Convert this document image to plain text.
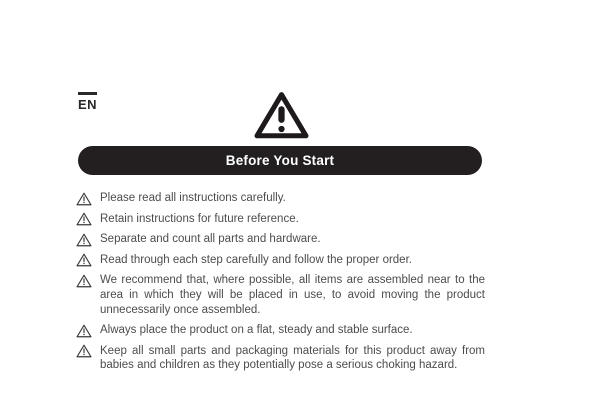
EN
Before You Start
Please read all instructions carefully.
Retain instructions for future reference.
Separate and count all parts and hardware.
Read through each step carefully and follow the proper order.
We recommend that, where possible, all items are assembled near to the area in which they will be placed in use, to avoid moving the product unnecessarily once assembled.
Always place the product on a flat, steady and stable surface.
Keep all small parts and packaging materials for this product away from babies and children as they potentially pose a serious choking hazard.
